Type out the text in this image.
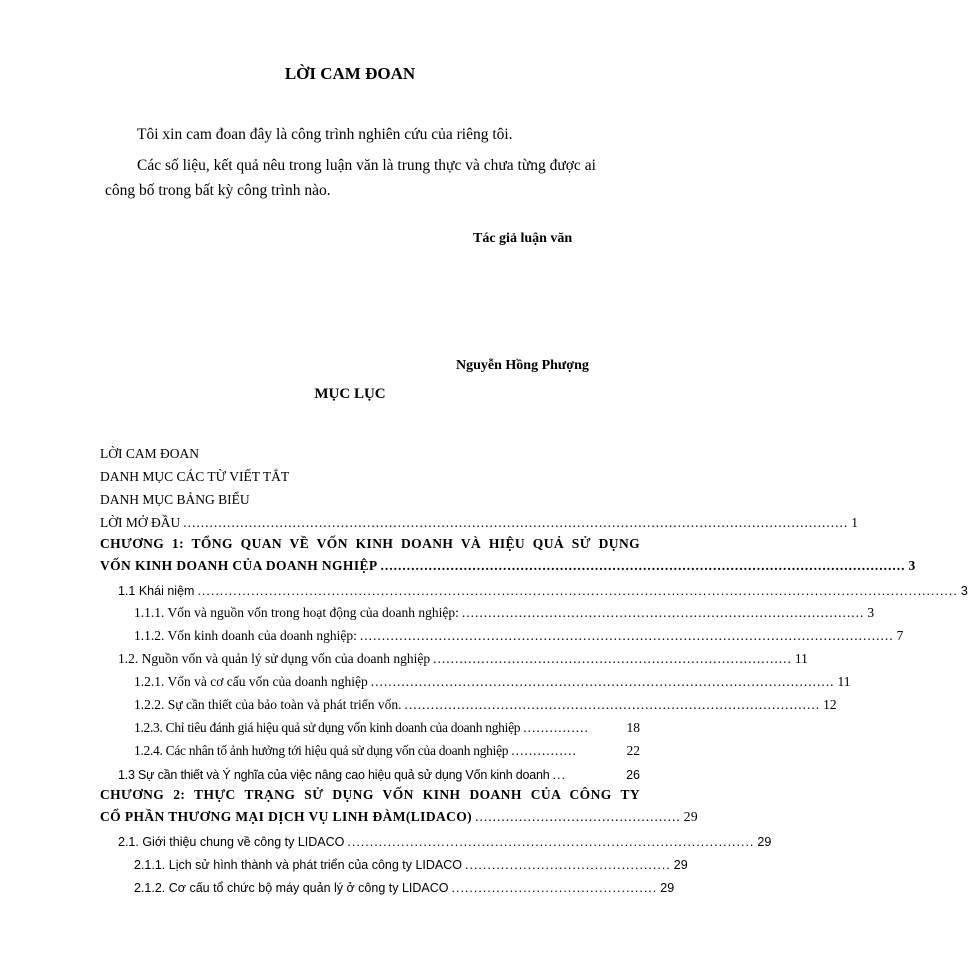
LỜI CAM ĐOAN
Tôi xin cam đoan đây là công trình nghiên cứu của riêng tôi.
Các số liệu, kết quả nêu trong luận văn là trung thực và chưa từng được ai
công bố trong bất kỳ công trình nào.
Tác giả luận văn
Nguyễn Hồng Phượng
MỤC LỤC
LỜI CAM ĐOAN
DANH MỤC CÁC TỪ VIẾT TẮT
DANH MỤC BẢNG BIỂU
LỜI MỞ ĐẦU ........................................................................................................................................................ 1
CHƯƠNG 1: TỔNG QUAN VỀ VỐN KINH DOANH VÀ HIỆU QUẢ SỬ DỤNG
VỐN KINH DOANH CỦA DOANH NGHIỆP ........................................................................................................................ 3
1.1 Khái niệm .......................................................................................................................................................................... 3
1.1.1. Vốn và nguồn vốn trong hoạt động của doanh nghiệp: ............................................................................................ 3
1.1.2. Vốn kinh doanh của doanh nghiệp: .......................................................................................................................... 7
1.2. Nguồn vốn và quản lý sử dụng vốn của doanh nghiệp .................................................................................. 11
1.2.1. Vốn và cơ cấu vốn của doanh nghiệp .......................................................................................................... 11
1.2.2. Sự cần thiết của bảo toàn và phát triển vốn. ............................................................................................... 12
1.2.3. Chỉ tiêu đánh giá hiệu quả sử dụng vốn kinh doanh của doanh nghiệp ...............	18
1.2.4. Các nhân tố ảnh hưởng tới hiệu quả sử dụng vốn của doanh nghiệp ...............	22
1.3 Sự cần thiết và Ý nghĩa của việc nâng cao hiệu quả sử dụng Vốn kinh doanh ...	26
CHƯƠNG 2: THỰC TRẠNG SỬ DỤNG VỐN KINH DOANH CỦA CÔNG TY
CỔ PHẦN THƯƠNG MẠI DỊCH VỤ LINH ĐÀM(LIDACO) ............................................... 29
2.1. Giới thiệu chung về công ty LIDACO ........................................................................................... 29
2.1.1. Lịch sử hình thành và phát triển của công ty LIDACO .............................................. 29
2.1.2. Cơ cấu tổ chức bộ máy quản lý ở công ty LIDACO .............................................. 29
